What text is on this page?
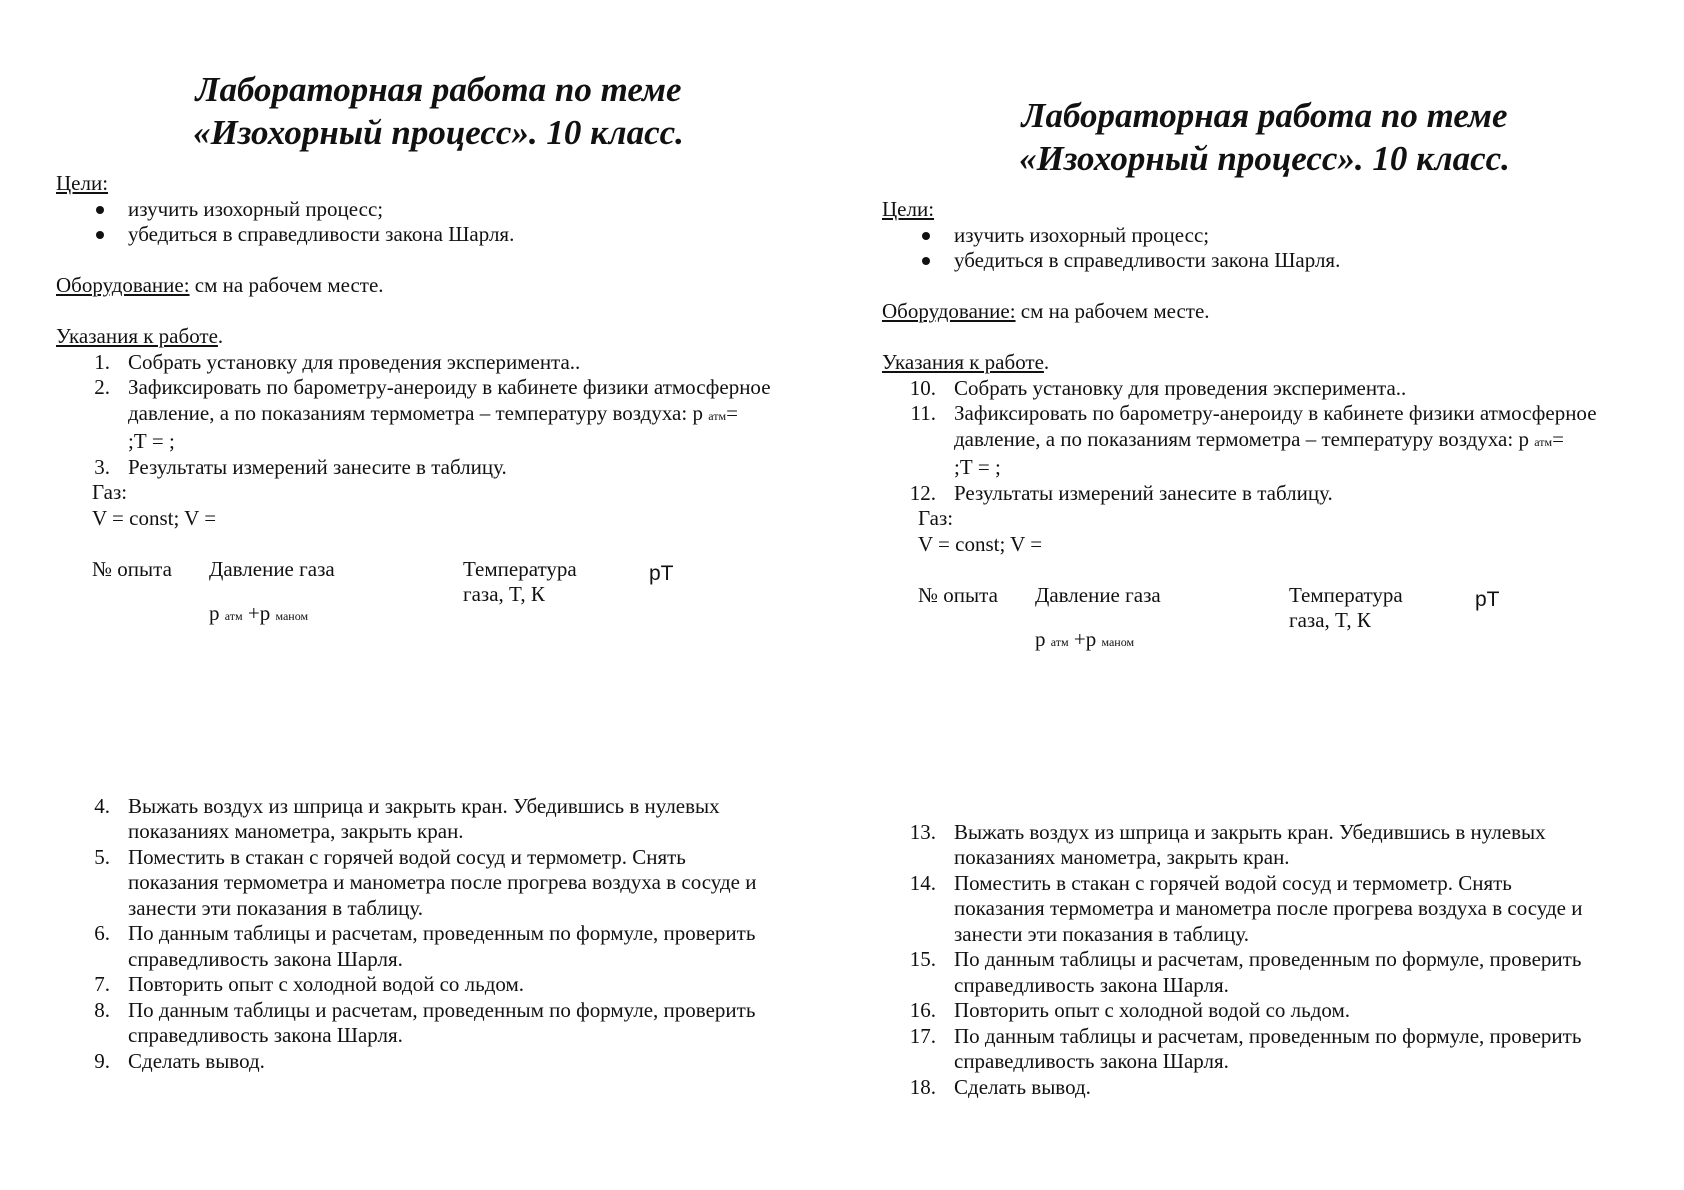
Лабораторная работа по теме
«Изохорный процесс». 10 класс.

Цели:

изучить изохорный процесс;
убедиться в справедливости закона Шарля.

Оборудование: см на рабочем месте.

Указания к работе.

1. Собрать установку для проведения эксперимента..
2. Зафиксировать по барометру-анероиду в кабинете физики атмосферное
давление, а по показаниям термометра – температуру воздуха: р атм=
;Т = ;
3. Результаты измерений занесите в таблицу.

Газ:

V = const; V =

№ опыта Давление газа
р атм +р маном
Температура
газа, T, К
pT
4. Выжать воздух из шприца и закрыть кран. Убедившись в нулевых
показаниях манометра, закрыть кран.
5. Поместить в стакан с горячей водой сосуд и термометр. Снять
показания термометра и манометра после прогрева воздуха в сосуде и
занести эти показания в таблицу.
6. По данным таблицы и расчетам, проведенным по формуле, проверить
справедливость закона Шарля.
7. Повторить опыт с холодной водой со льдом.
8. По данным таблицы и расчетам, проведенным по формуле, проверить
справедливость закона Шарля.
9. Сделать вывод.
Лабораторная работа по теме
«Изохорный процесс». 10 класс.

Цели:

изучить изохорный процесс;
убедиться в справедливости закона Шарля.

Оборудование: см на рабочем месте.

Указания к работе.

10. Собрать установку для проведения эксперимента..
11. Зафиксировать по барометру-анероиду в кабинете физики атмосферное
давление, а по показаниям термометра – температуру воздуха: р атм=
;Т = ;
12. Результаты измерений занесите в таблицу.

Газ:

V = const; V =

№ опыта Давление газа
р атм +р маном
Температура
газа, T, К
pT
13. Выжать воздух из шприца и закрыть кран. Убедившись в нулевых
показаниях манометра, закрыть кран.
14. Поместить в стакан с горячей водой сосуд и термометр. Снять
показания термометра и манометра после прогрева воздуха в сосуде и
занести эти показания в таблицу.
15. По данным таблицы и расчетам, проведенным по формуле, проверить
справедливость закона Шарля.
16. Повторить опыт с холодной водой со льдом.
17. По данным таблицы и расчетам, проведенным по формуле, проверить
справедливость закона Шарля.
18. Сделать вывод.
